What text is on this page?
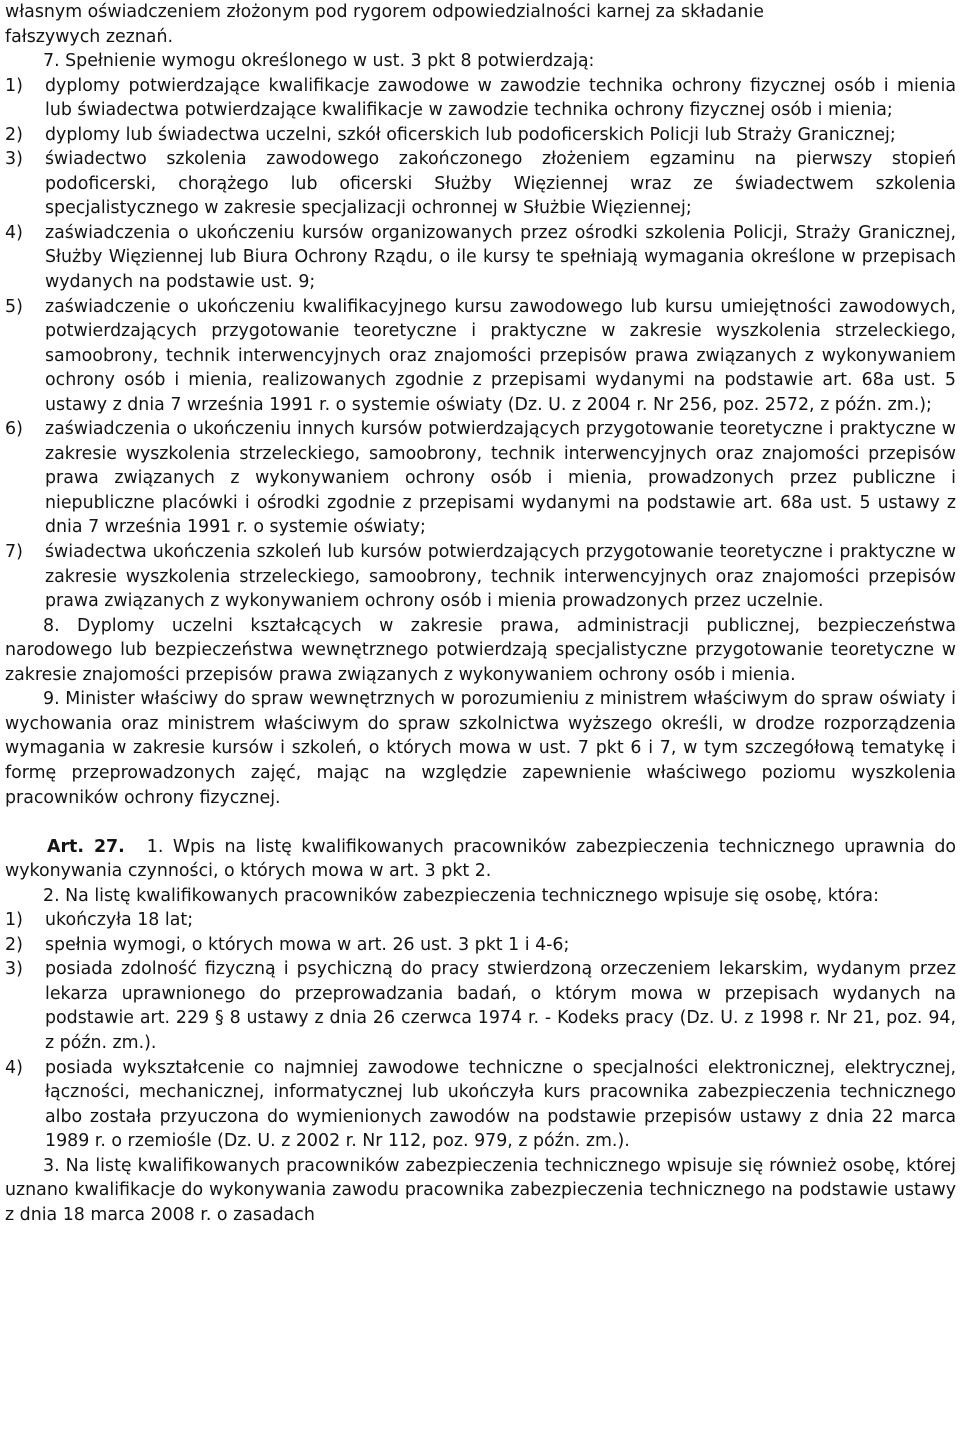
własnym oświadczeniem złożonym pod rygorem odpowiedzialności karnej za składanie

fałszywych zeznań.

7. Spełnienie wymogu określonego w ust. 3 pkt 8 potwierdzają:

1)	dyplomy potwierdzające kwalifikacje zawodowe w zawodzie technika ochrony fizycznej osób i mienia lub świadectwa potwierdzające kwalifikacje w zawodzie technika ochrony fizycznej osób i mienia;
2)	dyplomy lub świadectwa uczelni, szkół oficerskich lub podoficerskich Policji lub Straży Granicznej;
3)	świadectwo szkolenia zawodowego zakończonego złożeniem egzaminu na pierwszy stopień podoficerski, chorążego lub oficerski Służby Więziennej wraz ze świadectwem szkolenia specjalistycznego w zakresie specjalizacji ochronnej w Służbie Więziennej;
4)	zaświadczenia o ukończeniu kursów organizowanych przez ośrodki szkolenia Policji, Straży Granicznej, Służby Więziennej lub Biura Ochrony Rządu, o ile kursy te spełniają wymagania określone w przepisach wydanych na podstawie ust. 9;
5)	zaświadczenie o ukończeniu kwalifikacyjnego kursu zawodowego lub kursu umiejętności zawodowych, potwierdzających przygotowanie teoretyczne i praktyczne w zakresie wyszkolenia strzeleckiego, samoobrony, technik interwencyjnych oraz znajomości przepisów prawa związanych z wykonywaniem ochrony osób i mienia, realizowanych zgodnie z przepisami wydanymi na podstawie art. 68a ust. 5 ustawy z dnia 7 września 1991 r. o systemie oświaty (Dz. U. z 2004 r. Nr 256, poz. 2572, z późn. zm.);
6)	zaświadczenia o ukończeniu innych kursów potwierdzających przygotowanie teoretyczne i praktyczne w zakresie wyszkolenia strzeleckiego, samoobrony, technik interwencyjnych oraz znajomości przepisów prawa związanych z wykonywaniem ochrony osób i mienia, prowadzonych przez publiczne i niepubliczne placówki i ośrodki zgodnie z przepisami wydanymi na podstawie art. 68a ust. 5 ustawy z dnia 7 września 1991 r. o systemie oświaty;
7)	świadectwa ukończenia szkoleń lub kursów potwierdzających przygotowanie teoretyczne i praktyczne w zakresie wyszkolenia strzeleckiego, samoobrony, technik interwencyjnych oraz znajomości przepisów prawa związanych z wykonywaniem ochrony osób i mienia prowadzonych przez uczelnie.

8. Dyplomy uczelni kształcących w zakresie prawa, administracji publicznej, bezpieczeństwa narodowego lub bezpieczeństwa wewnętrznego potwierdzają specjalistyczne przygotowanie teoretyczne w zakresie znajomości przepisów prawa związanych z wykonywaniem ochrony osób i mienia.

9. Minister właściwy do spraw wewnętrznych w porozumieniu z ministrem właściwym do spraw oświaty i wychowania oraz ministrem właściwym do spraw szkolnictwa wyższego określi, w drodze rozporządzenia wymagania w zakresie kursów i szkoleń, o których mowa w ust. 7 pkt 6 i 7, w tym szczegółową tematykę i formę przeprowadzonych zajęć, mając na względzie zapewnienie właściwego poziomu wyszkolenia pracowników ochrony fizycznej.

Art. 27. 1. Wpis na listę kwalifikowanych pracowników zabezpieczenia technicznego uprawnia do wykonywania czynności, o których mowa w art. 3 pkt 2.

2. Na listę kwalifikowanych pracowników zabezpieczenia technicznego wpisuje się osobę, która:

1)	ukończyła 18 lat;
2)	spełnia wymogi, o których mowa w art. 26 ust. 3 pkt 1 i 4-6;
3)	posiada zdolność fizyczną i psychiczną do pracy stwierdzoną orzeczeniem lekarskim, wydanym przez lekarza uprawnionego do przeprowadzania badań, o którym mowa w przepisach wydanych na podstawie art. 229 § 8 ustawy z dnia 26 czerwca 1974 r. - Kodeks pracy (Dz. U. z 1998 r. Nr 21, poz. 94, z późn. zm.).
4)	posiada wykształcenie co najmniej zawodowe techniczne o specjalności elektronicznej, elektrycznej, łączności, mechanicznej, informatycznej lub ukończyła kurs pracownika zabezpieczenia technicznego albo została przyuczona do wymienionych zawodów na podstawie przepisów ustawy z dnia 22 marca 1989 r. o rzemiośle (Dz. U. z 2002 r. Nr 112, poz. 979, z późn. zm.).

3. Na listę kwalifikowanych pracowników zabezpieczenia technicznego wpisuje się również osobę, której uznano kwalifikacje do wykonywania zawodu pracownika zabezpieczenia technicznego na podstawie ustawy z dnia 18 marca 2008 r. o zasadach
